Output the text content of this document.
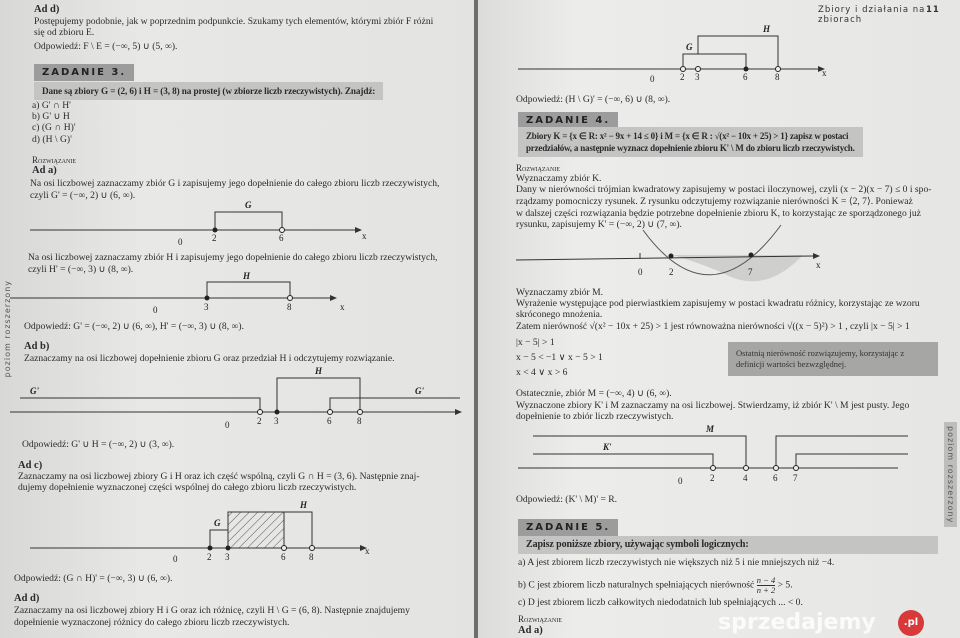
Ad d)
Postępujemy podobnie, jak w poprzednim podpunkcie. Szukamy tych elementów, którymi zbiór F różni
się od zbioru E.
Odpowiedź: F \ E = (−∞, 5) ∪ (5, ∞).
ZADANIE 3.
Dane są zbiory G = (2, 6) i H = (3, 8) na prostej (w zbiorze liczb rzeczywistych). Znajdź:
a) G' ∩ H'
b) G' ∪ H
c) (G ∩ H)'
d) (H \ G)'
Rozwiązanie
Ad a)
Na osi liczbowej zaznaczamy zbiór G i zapisujemy jego dopełnienie do całego zbioru liczb rzeczywistych,
czyli G' = (−∞, 2) ∪ (6, ∞).
0	2	6	x
G
Na osi liczbowej zaznaczamy zbiór H i zapisujemy jego dopełnienie do całego zbioru liczb rzeczywistych,
czyli H' = (−∞, 3) ∪ (8, ∞).
0	3	8	x
H
Odpowiedź: G' = (−∞, 2) ∪ (6, ∞), H' = (−∞, 3) ∪ (8, ∞).
Ad b)
Zaznaczamy na osi liczbowej dopełnienie zbioru G oraz przedział H i odczytujemy rozwiązanie.
0	2 3	6	8
G'	G'
H
Odpowiedź: G' ∪ H = (−∞, 2) ∪ (3, ∞).
Ad c)
Zaznaczamy na osi liczbowej zbiory G i H oraz ich część wspólną, czyli G ∩ H = (3, 6). Następnie znaj-
dujemy dopełnienie wyznaczonej części wspólnej do całego zbioru liczb rzeczywistych.
0	2 3	6	8
x
G
H
Odpowiedź: (G ∩ H)' = (−∞, 3) ∪ (6, ∞).
Ad d)
Zaznaczamy na osi liczbowej zbiory H i G oraz ich różnicę, czyli H \ G = (6, 8). Następnie znajdujemy
dopełnienie wyznaczonej różnicy do całego zbioru liczb rzeczywistych.
poziom rozszerzony
Zbiory i działania na zbiorach
11
0	2 3	6	8	x
G
H
Odpowiedź: (H \ G)' = (−∞, 6) ∪ (8, ∞).
ZADANIE 4.
Zbiory K = {x ∈ R: x² − 9x + 14 ≤ 0} i M = {x ∈ R : √(x² − 10x + 25) > 1} zapisz w postaci
przedziałów, a następnie wyznacz dopełnienie zbioru K' \ M do zbioru liczb rzeczywistych.
Rozwiązanie
Wyznaczamy zbiór K.
Dany w nierówności trójmian kwadratowy zapisujemy w postaci iloczynowej, czyli (x − 2)(x − 7) ≤ 0 i spo-
rządzamy pomocniczy rysunek. Z rysunku odczytujemy rozwiązanie nierówności K = ⟨2, 7⟩. Ponieważ
w dalszej części rozwiązania będzie potrzebne dopełnienie zbioru K, to korzystając ze sporządzonego już
rysunku, zapisujemy K' = (−∞, 2) ∪ (7, ∞).
0	2	7
x
Wyznaczamy zbiór M.
Wyrażenie występujące pod pierwiastkiem zapisujemy w postaci kwadratu różnicy, korzystając ze wzoru
skróconego mnożenia.
Zatem nierówność √(x² − 10x + 25) > 1 jest równoważna nierówności √((x − 5)²) > 1 , czyli |x − 5| > 1
|x − 5| > 1
x − 5 < −1 ∨ x − 5 > 1
x < 4 ∨ x > 6
Ostatnią nierówność rozwiązujemy, korzystając z definicji wartości bezwzględnej.
Ostatecznie, zbiór M = (−∞, 4) ∪ (6, ∞).
Wyznaczone zbiory K' i M zaznaczamy na osi liczbowej. Stwierdzamy, iż zbiór K' \ M jest pusty. Jego
dopełnienie to zbiór liczb rzeczywistych.
0	2	4	6 7
M
K'
Odpowiedź: (K' \ M)' = R.
ZADANIE 5.
Zapisz poniższe zbiory, używając symboli logicznych:
a) A jest zbiorem liczb rzeczywistych nie większych niż 5 i nie mniejszych niż −4.
b) C jest zbiorem liczb naturalnych spełniających nierówność $\frac{n - 4}{n + 2} > 5$.
c) D jest zbiorem liczb całkowitych niedodatnich lub spełniających ... < 0.
Rozwiązanie
Ad a)
poziom rozszerzony
sprzedajemy	.pl
